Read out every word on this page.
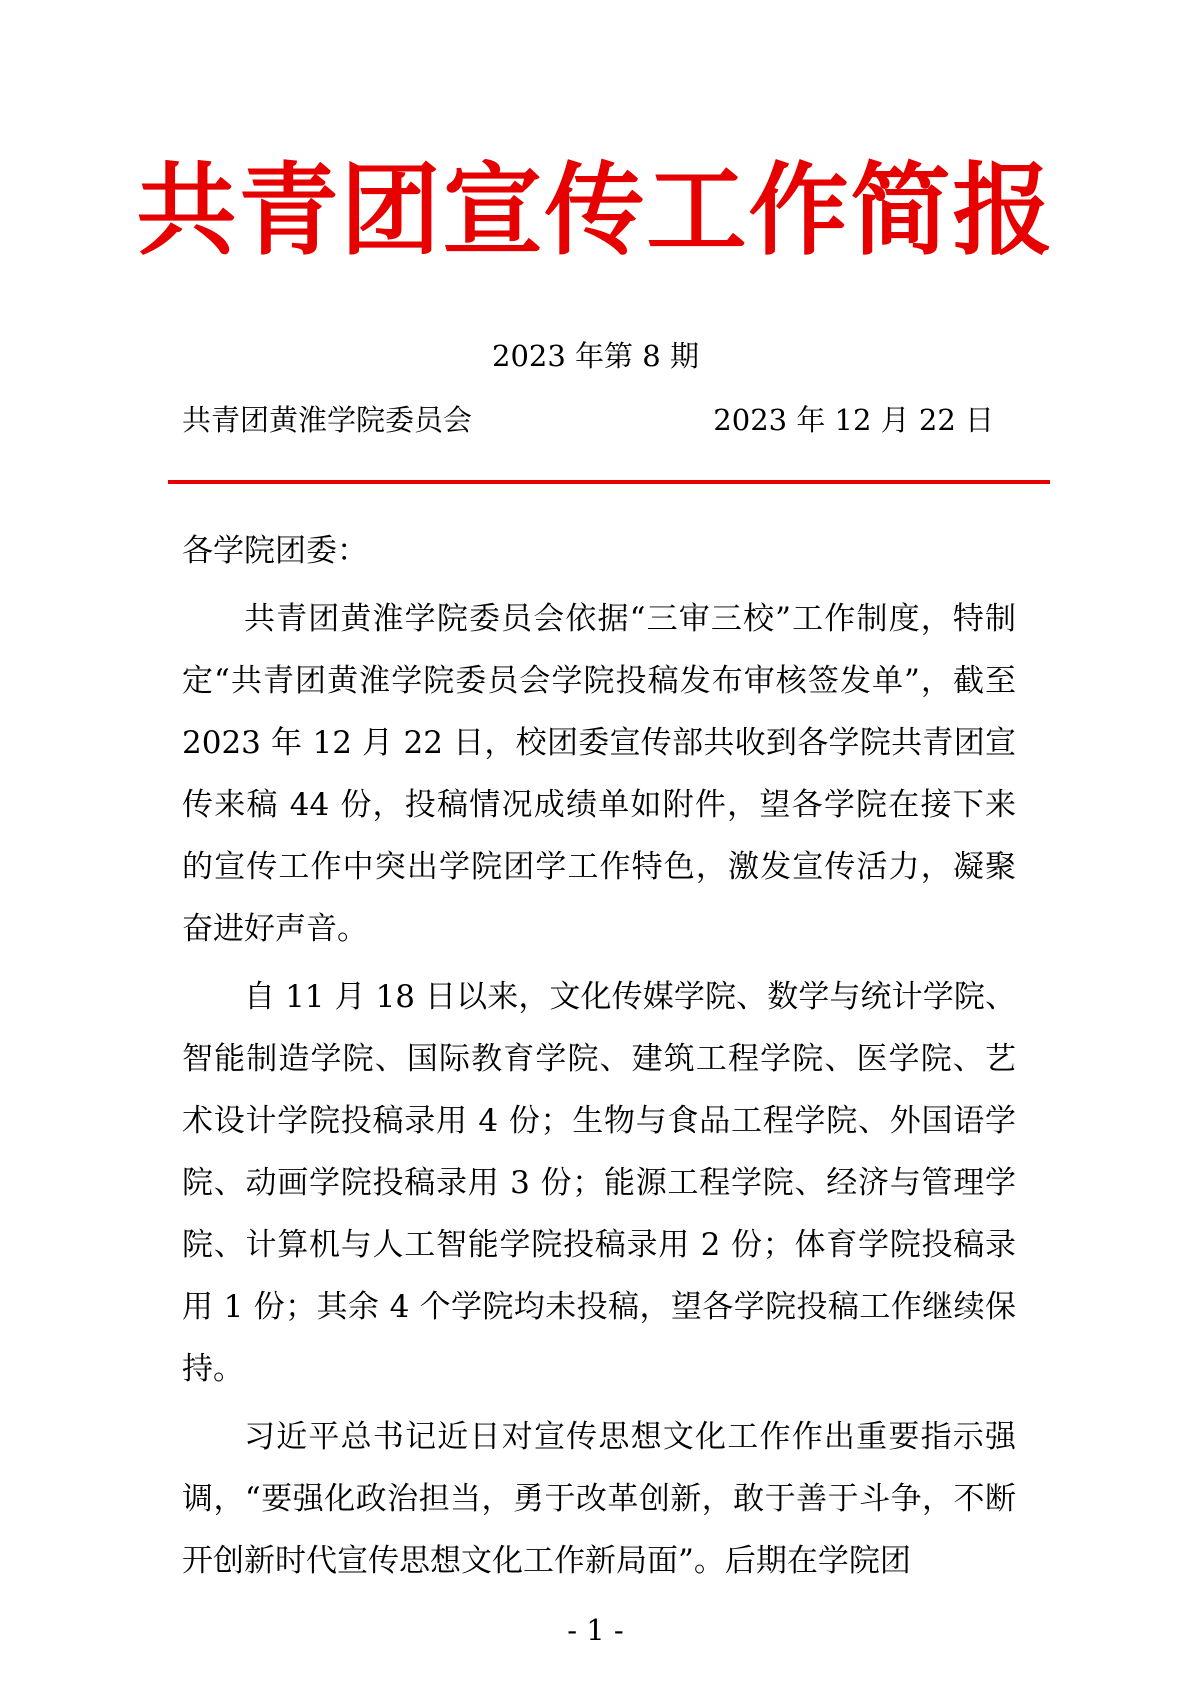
共青团宣传工作简报
2023 年第 8 期
共青团黄淮学院委员会	2023 年 12 月 22 日

各学院团委：

共青团黄淮学院委员会依据“三审三校”工作制度，特制定“共青团黄淮学院委员会学院投稿发布审核签发单”，截至 2023 年 12 月 22 日，校团委宣传部共收到各学院共青团宣传来稿 44 份，投稿情况成绩单如附件，望各学院在接下来的宣传工作中突出学院团学工作特色，激发宣传活力，凝聚奋进好声音。

自 11 月 18 日以来，文化传媒学院、数学与统计学院、智能制造学院、国际教育学院、建筑工程学院、医学院、艺术设计学院投稿录用 4 份；生物与食品工程学院、外国语学院、动画学院投稿录用 3 份；能源工程学院、经济与管理学院、计算机与人工智能学院投稿录用 2 份；体育学院投稿录用 1 份；其余 4 个学院均未投稿，望各学院投稿工作继续保持。

习近平总书记近日对宣传思想文化工作作出重要指示强调，“要强化政治担当，勇于改革创新，敢于善于斗争，不断开创新时代宣传思想文化工作新局面”。后期在学院团

- 1 -
